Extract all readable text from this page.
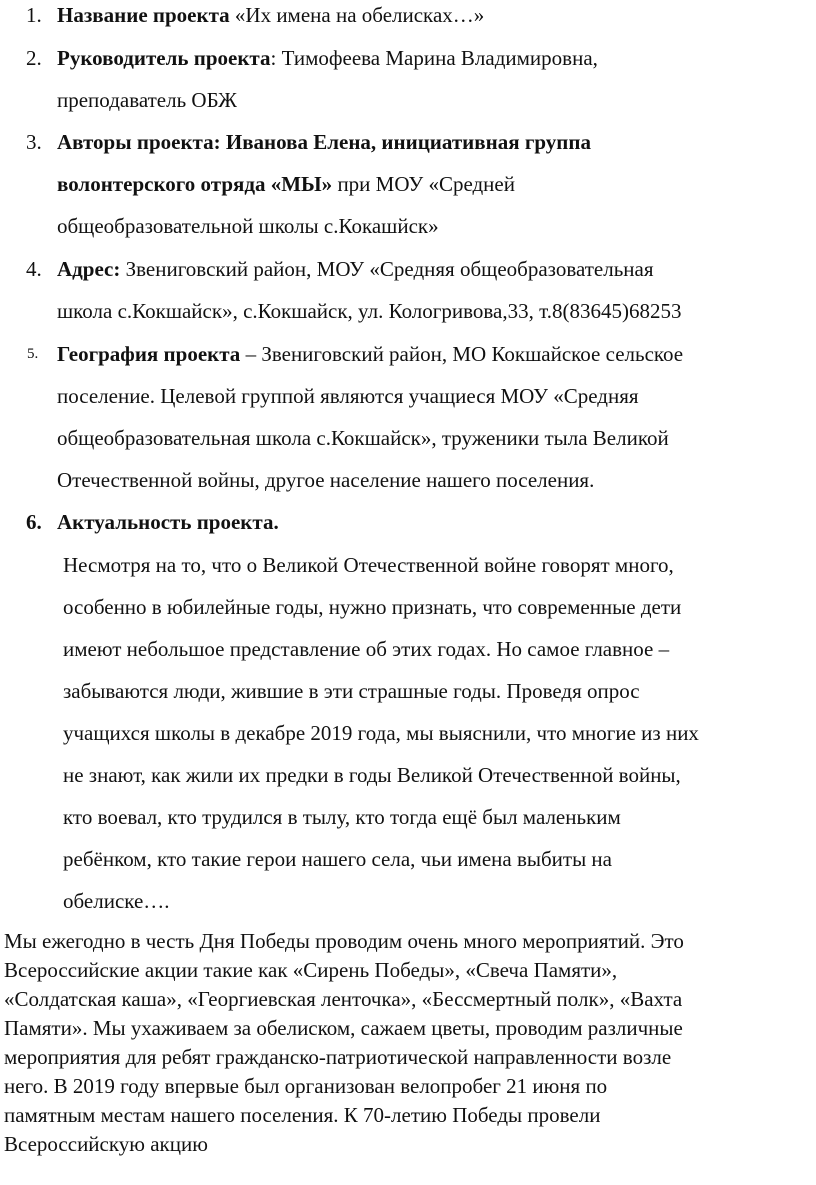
1. Название проекта «Их имена на обелисках…»
2. Руководитель проекта: Тимофеева Марина Владимировна,
преподаватель ОБЖ
3. Авторы проекта: Иванова Елена, инициативная группа
волонтерского отряда «МЫ» при МОУ «Средней
общеобразовательной школы с.Кокашйск»
4. Адрес: Звениговский район, МОУ «Средняя общеобразовательная
школа с.Кокшайск», с.Кокшайск, ул. Кологривова,33, т.8(83645)68253
5. География проекта – Звениговский район, МО Кокшайское сельское
поселение. Целевой группой являются учащиеся МОУ «Средняя
общеобразовательная школа с.Кокшайск», труженики тыла Великой
Отечественной войны, другое население нашего поселения.
6. Актуальность проекта.
Несмотря на то, что о Великой Отечественной войне говорят много,
особенно в юбилейные годы, нужно признать, что современные дети
имеют небольшое представление об этих годах. Но самое главное –
забываются люди, жившие в эти страшные годы. Проведя опрос
учащихся школы в декабре 2019 года, мы выяснили, что многие из них
не знают, как жили их предки в годы Великой Отечественной войны,
кто воевал, кто трудился в тылу, кто тогда ещё был маленьким
ребёнком, кто такие герои нашего села, чьи имена выбиты на
обелиске….
Мы ежегодно в честь Дня Победы проводим очень много мероприятий. Это
Всероссийские акции такие как «Сирень Победы», «Свеча Памяти»,
«Солдатская каша», «Георгиевская ленточка», «Бессмертный полк», «Вахта
Памяти». Мы ухаживаем за обелиском, сажаем цветы, проводим различные
мероприятия для ребят гражданско-патриотической направленности возле
него. В 2019 году впервые был организован велопробег 21 июня по
памятным местам нашего поселения. К 70-летию Победы провели
Всероссийскую акцию
